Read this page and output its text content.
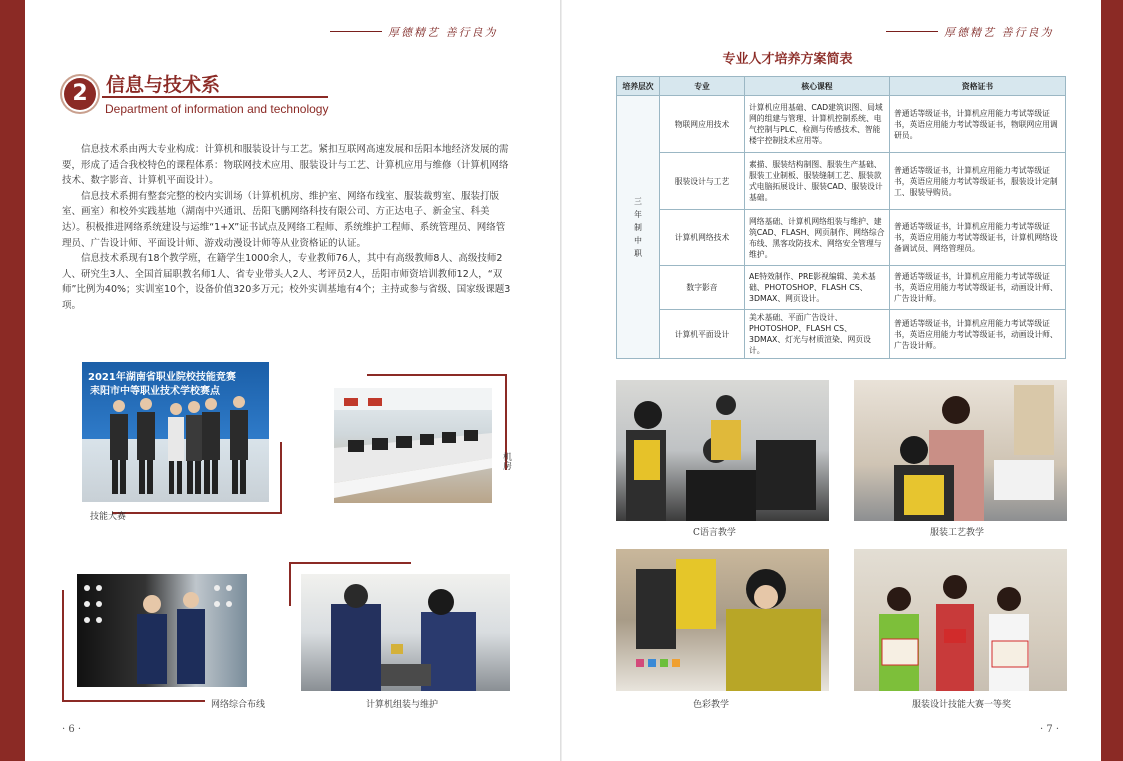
厚德精艺 善行良为
2 信息与技术系
Department of information and technology

信息技术系由两大专业构成：计算机和服装设计与工艺。紧扣互联网高速发展和岳阳本地经济发展的需要，形成了适合我校特色的课程体系：物联网技术应用、服装设计与工艺、计算机应用与维修（计算机网络技术、数字影音、计算机平面设计）。

信息技术系拥有整套完整的校内实训场（计算机机房、维护室、网络布线室、服装裁剪室、服装打版室、画室）和校外实践基地（湖南中兴通讯、岳阳飞鹏网络科技有限公司、方正达电子、新金宝、科美达）。积极推进网络系统建设与运维“1+X”证书试点及网络工程师、系统维护工程师、系统管理员、网络管理员、广告设计师、平面设计师、游戏动漫设计师等从业资格证的认证。

信息技术系现有18个教学班，在籍学生1000余人，专业教师76人，其中有高级教师8人、高级技师2人、研究生3人、全国首届职教名师1人、省专业带头人2人、考评员2人，岳阳市师资培训教师12人，“双师”比例为40%；实训室10个，设备价值320多万元；校外实训基地有4个；主持或参与省级、国家级课题3项。

2021年湖南省职业院校技能竞赛
耒阳市中等职业技术学校赛点
技能大赛
机房
网络综合布线	计算机组装与维护
· 6 ·
厚德精艺 善行良为
专业人才培养方案简表
培养层次	专业	核心课程	资格证书
三年制中职	物联网应用技术	计算机应用基础、CAD建筑识图、局域网的组建与管理、计算机控制系统、电气控制与PLC、检测与传感技术、智能楼宇控制技术应用等。	普通话等级证书，计算机应用能力考试等级证书，英语应用能力考试等级证书，物联网应用调研员。
	服装设计与工艺	素描、服装结构制图、服装生产基础、服装工业制板、服装缝制工艺、服装款式电脑拓展设计、服装CAD、服装设计基础。	普通话等级证书，计算机应用能力考试等级证书，英语应用能力考试等级证书，服装设计定制工、服装导购员。
	计算机网络技术	网络基础、计算机网络组装与维护、建筑CAD、FLASH、网页制作、网络综合布线、黑客攻防技术、网络安全管理与维护。	普通话等级证书，计算机应用能力考试等级证书，英语应用能力考试等级证书，计算机网络设备调试员、网络管理员。
	数字影音	AE特效制作、PRE影视编辑、美术基础、PHOTOSHOP、FLASH CS、3DMAX、网页设计。	普通话等级证书，计算机应用能力考试等级证书，英语应用能力考试等级证书，动画设计师、广告设计师。
	计算机平面设计	美术基础、平面广告设计、PHOTOSHOP、FLASH CS、3DMAX、灯光与材质渲染、网页设计。	普通话等级证书，计算机应用能力考试等级证书，英语应用能力考试等级证书，动画设计师、广告设计师。
C语言教学	服装工艺教学
色彩教学	服装设计技能大赛一等奖
· 7 ·
